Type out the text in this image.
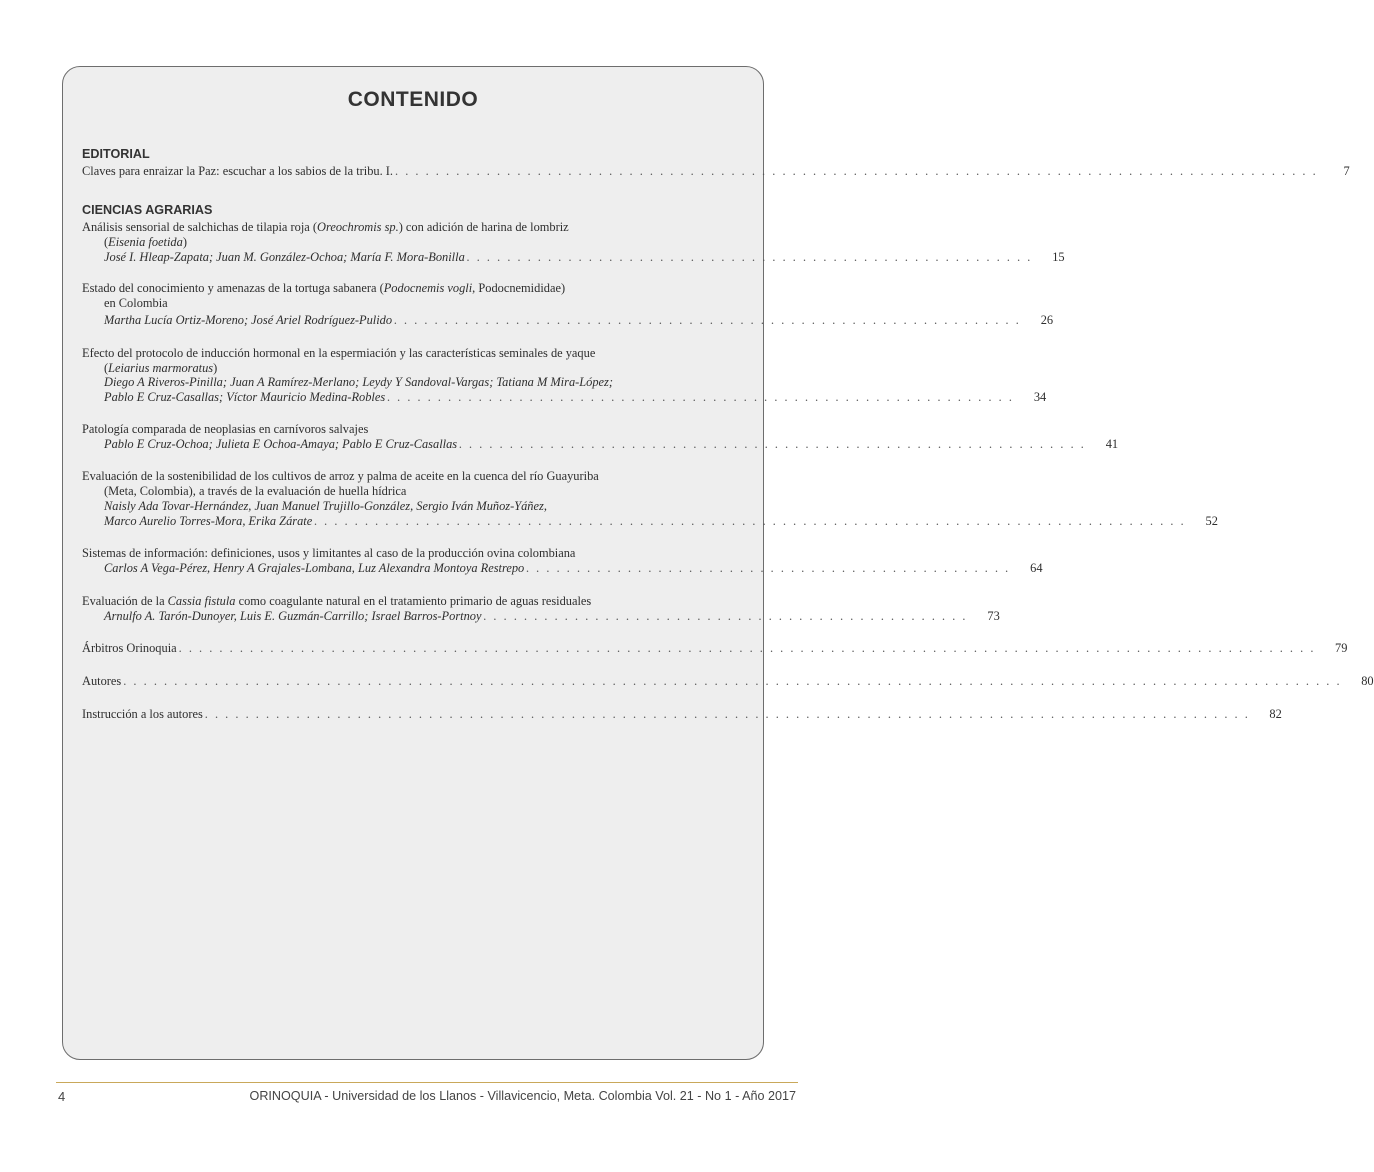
CONTENIDO
EDITORIAL
Claves para enraizar la Paz: escuchar a los sabios de la tribu. I. . . . . . . . . . . . . . . . . . . . . . . . . . . . . . . . . . . . . . . . . . . . . . . . . . . . . . . . . . . . . . . . . . . . . . . . . . . . . . . . . . . . . . . . . . . .	7
CIENCIAS AGRARIAS
Análisis sensorial de salchichas de tilapia roja (Oreochromis sp.) con adición de harina de lombriz
(Eisenia foetida)
José I. Hleap-Zapata; Juan M. González-Ochoa; María F. Mora-Bonilla . . . . . . . . . . . . . . . . . . . . . . . . . . . . . . . . . . . . . . . . . . . . . . . . . . . . . . . .	15
Estado del conocimiento y amenazas de la tortuga sabanera (Podocnemis vogli, Podocnemididae)
en Colombia
Martha Lucía Ortiz-Moreno; José Ariel Rodríguez-Pulido . . . . . . . . . . . . . . . . . . . . . . . . . . . . . . . . . . . . . . . . . . . . . . . . . . . . . . . . . . . . . .	26
Efecto del protocolo de inducción hormonal en la espermiación y las características seminales de yaque
(Leiarius marmoratus)
Diego A Riveros-Pinilla; Juan A Ramírez-Merlano; Leydy Y Sandoval-Vargas; Tatiana M Mira-López;
Pablo E Cruz-Casallas; Víctor Mauricio Medina-Robles . . . . . . . . . . . . . . . . . . . . . . . . . . . . . . . . . . . . . . . . . . . . . . . . . . . . . . . . . . . . . .	34
Patología comparada de neoplasias en carnívoros salvajes
Pablo E Cruz-Ochoa; Julieta E Ochoa-Amaya; Pablo E Cruz-Casallas . . . . . . . . . . . . . . . . . . . . . . . . . . . . . . . . . . . . . . . . . . . . . . . . . . . . . . . . . . . . . .	41
Evaluación de la sostenibilidad de los cultivos de arroz y palma de aceite en la cuenca del río Guayuriba
(Meta, Colombia), a través de la evaluación de huella hídrica
Naisly Ada Tovar-Hernández, Juan Manuel Trujillo-González, Sergio Iván Muñoz-Yáñez,
Marco Aurelio Torres-Mora, Erika Zárate . . . . . . . . . . . . . . . . . . . . . . . . . . . . . . . . . . . . . . . . . . . . . . . . . . . . . . . . . . . . . . . . . . . . . . . . . . . . . . . . . . . . . .	52
Sistemas de información: definiciones, usos y limitantes al caso de la producción ovina colombiana
Carlos A Vega-Pérez, Henry A Grajales-Lombana, Luz Alexandra Montoya Restrepo . . . . . . . . . . . . . . . . . . . . . . . . . . . . . . . . . . . . . . . . . . . . . . . .	64
Evaluación de la Cassia fistula como coagulante natural en el tratamiento primario de aguas residuales
Arnulfo A. Tarón-Dunoyer, Luis E. Guzmán-Carrillo; Israel Barros-Portnoy . . . . . . . . . . . . . . . . . . . . . . . . . . . . . . . . . . . . . . . . . . . . . . . .	73
Árbitros Orinoquia . . . . . . . . . . . . . . . . . . . . . . . . . . . . . . . . . . . . . . . . . . . . . . . . . . . . . . . . . . . . . . . . . . . . . . . . . . . . . . . . . . . . . . . . . . . . . . . . . . . . . . . . . . . . . . . .	79
Autores . . . . . . . . . . . . . . . . . . . . . . . . . . . . . . . . . . . . . . . . . . . . . . . . . . . . . . . . . . . . . . . . . . . . . . . . . . . . . . . . . . . . . . . . . . . . . . . . . . . . . . . . . . . . . . . . . . . . . . . .	80
Instrucción a los autores . . . . . . . . . . . . . . . . . . . . . . . . . . . . . . . . . . . . . . . . . . . . . . . . . . . . . . . . . . . . . . . . . . . . . . . . . . . . . . . . . . . . . . . . . . . . . . . . . . . . . . .	82
4	ORINOQUIA - Universidad de los Llanos - Villavicencio, Meta. Colombia Vol. 21 - No 1 - Año 2017
